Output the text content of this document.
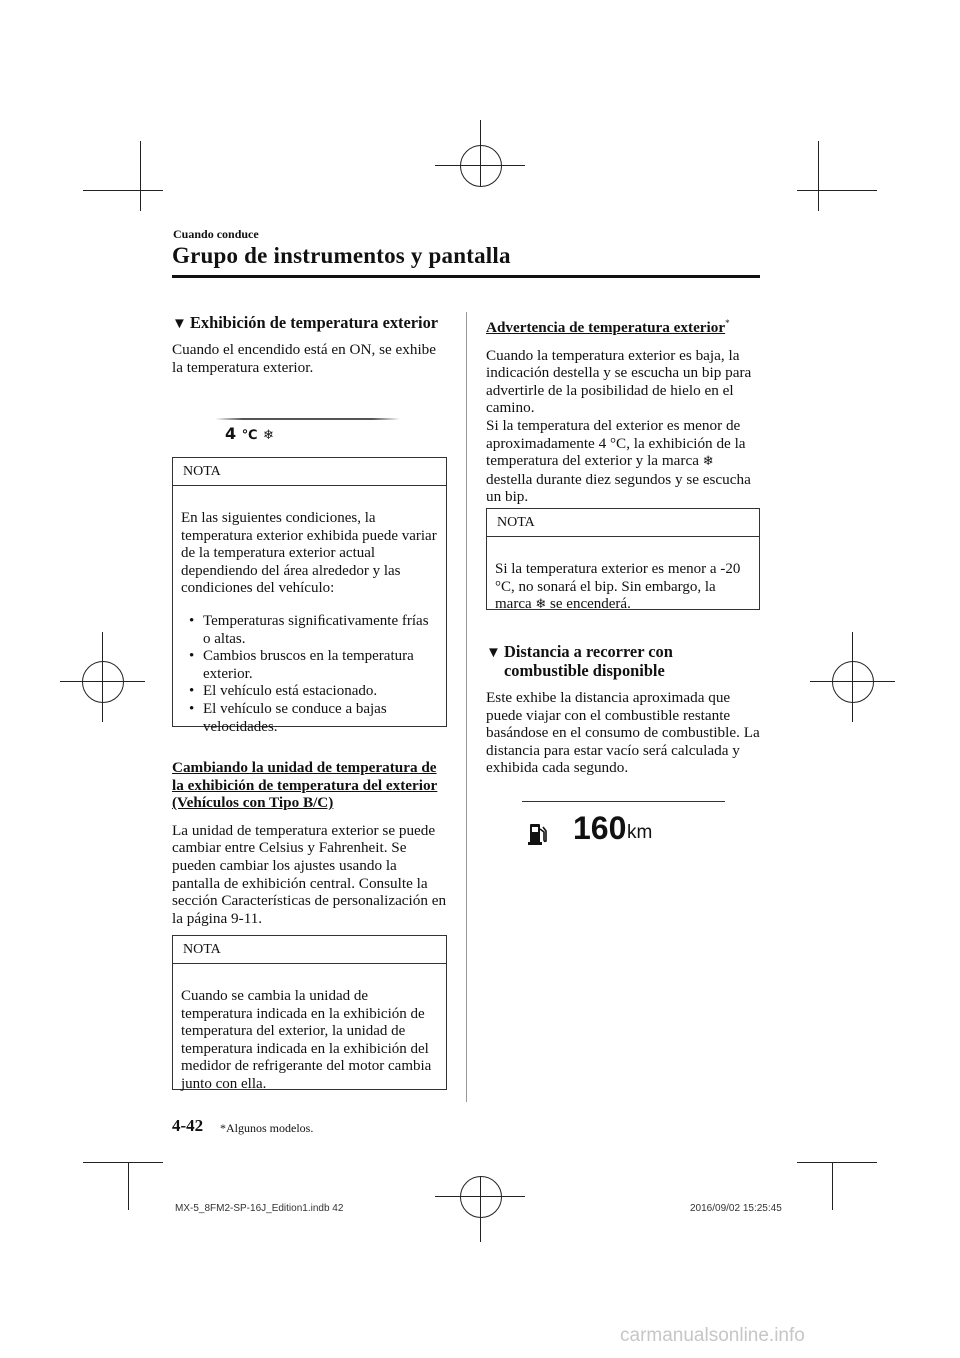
Cuando conduce
Grupo de instrumentos y pantalla
▼ Exhibición de temperatura exterior

Cuando el encendido está en ON, se exhibe la temperatura exterior.

4 ℃ ❄
NOTA

En las siguientes condiciones, la temperatura exterior exhibida puede variar de la temperatura exterior actual dependiendo del área alrededor y las condiciones del vehículo:

• Temperaturas signiﬁcativamente frías o altas.
• Cambios bruscos en la temperatura exterior.
• El vehículo está estacionado.
• El vehículo se conduce a bajas velocidades.

Cambiando la unidad de temperatura de la exhibición de temperatura del exterior (Vehículos con Tipo B/C)

La unidad de temperatura exterior se puede cambiar entre Celsius y Fahrenheit. Se pueden cambiar los ajustes usando la pantalla de exhibición central. Consulte la sección Características de personalización en la página 9-11.

NOTA

Cuando se cambia la unidad de temperatura indicada en la exhibición de temperatura del exterior, la unidad de temperatura indicada en la exhibición del medidor de refrigerante del motor cambia junto con ella.

Advertencia de temperatura exterior*

Cuando la temperatura exterior es baja, la indicación destella y se escucha un bip para advertirle de la posibilidad de hielo en el camino.

Si la temperatura del exterior es menor de aproximadamente 4 °C, la exhibición de la temperatura del exterior y la marca ❄ destella durante diez segundos y se escucha un bip.

NOTA

Si la temperatura exterior es menor a -20 °C, no sonará el bip. Sin embargo, la marca ❄ se encenderá.

▼ Distancia a recorrer con combustible disponible

Este exhibe la distancia aproximada que puede viajar con el combustible restante basándose en el consumo de combustible. La distancia para estar vacío será calculada y exhibida cada segundo.

160 km
4-42 *Algunos modelos.
MX-5_8FM2-SP-16J_Edition1.indb 42	2016/09/02 15:25:45
carmanualsonline.info
